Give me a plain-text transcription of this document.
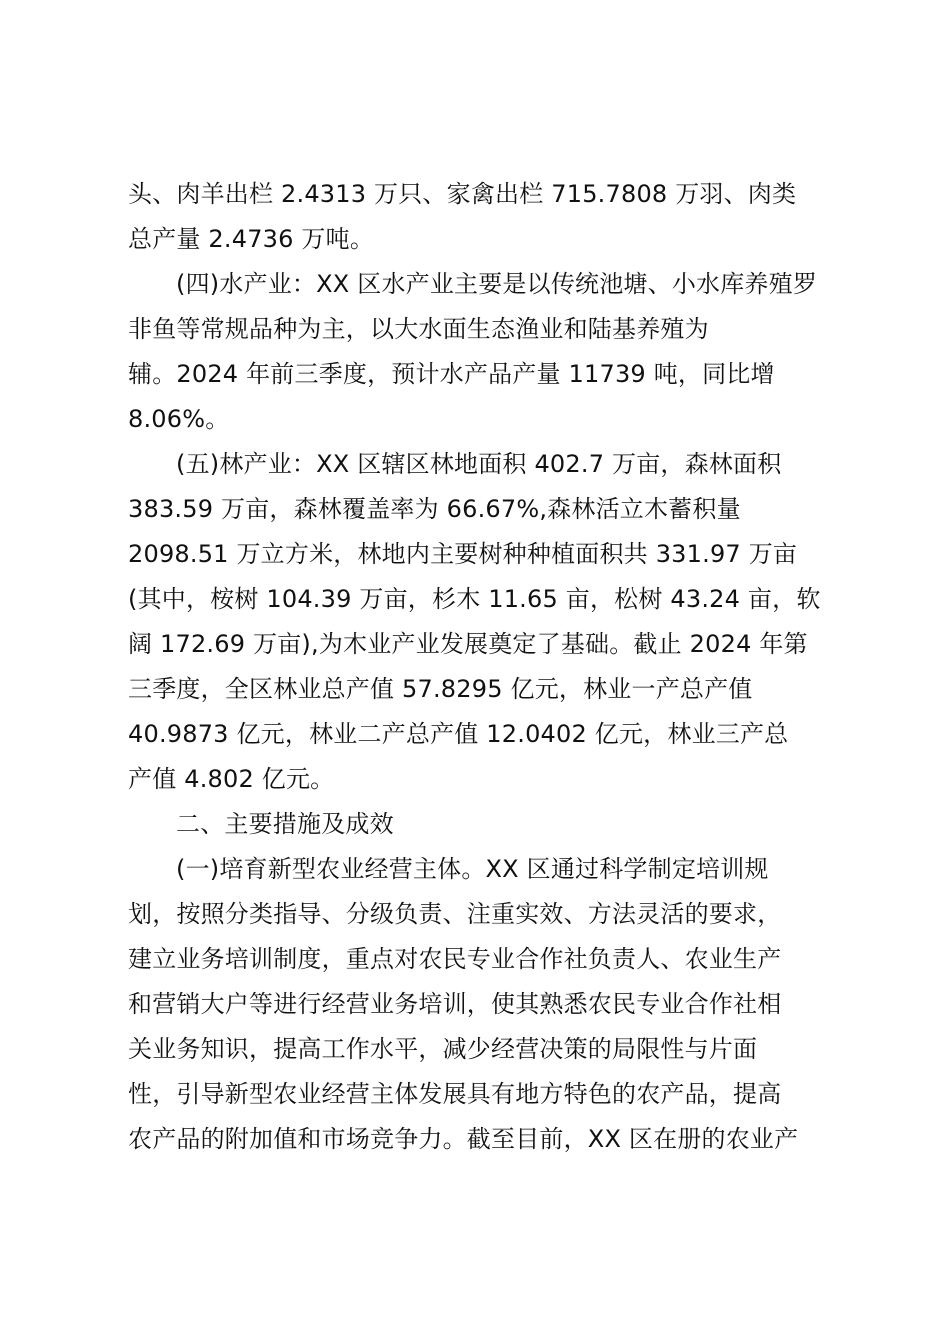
头、肉羊出栏 2.4313 万只、家禽出栏 715.7808 万羽、肉类
总产量 2.4736 万吨。
(四)水产业：XX 区水产业主要是以传统池塘、小水库养殖罗
非鱼等常规品种为主，以大水面生态渔业和陆基养殖为
辅。2024 年前三季度，预计水产品产量 11739 吨，同比增
8.06%。
(五)林产业：XX 区辖区林地面积 402.7 万亩，森林面积
383.59 万亩，森林覆盖率为 66.67%,森林活立木蓄积量
2098.51 万立方米，林地内主要树种种植面积共 331.97 万亩
(其中，桉树 104.39 万亩，杉木 11.65 亩，松树 43.24 亩，软
阔 172.69 万亩),为木业产业发展奠定了基础。截止 2024 年第
三季度，全区林业总产值 57.8295 亿元，林业一产总产值
40.9873 亿元，林业二产总产值 12.0402 亿元，林业三产总
产值 4.802 亿元。
二、主要措施及成效
(一)培育新型农业经营主体。XX 区通过科学制定培训规
划，按照分类指导、分级负责、注重实效、方法灵活的要求，
建立业务培训制度，重点对农民专业合作社负责人、农业生产
和营销大户等进行经营业务培训，使其熟悉农民专业合作社相
关业务知识，提高工作水平，减少经营决策的局限性与片面
性，引导新型农业经营主体发展具有地方特色的农产品，提高
农产品的附加值和市场竞争力。截至目前，XX 区在册的农业产
